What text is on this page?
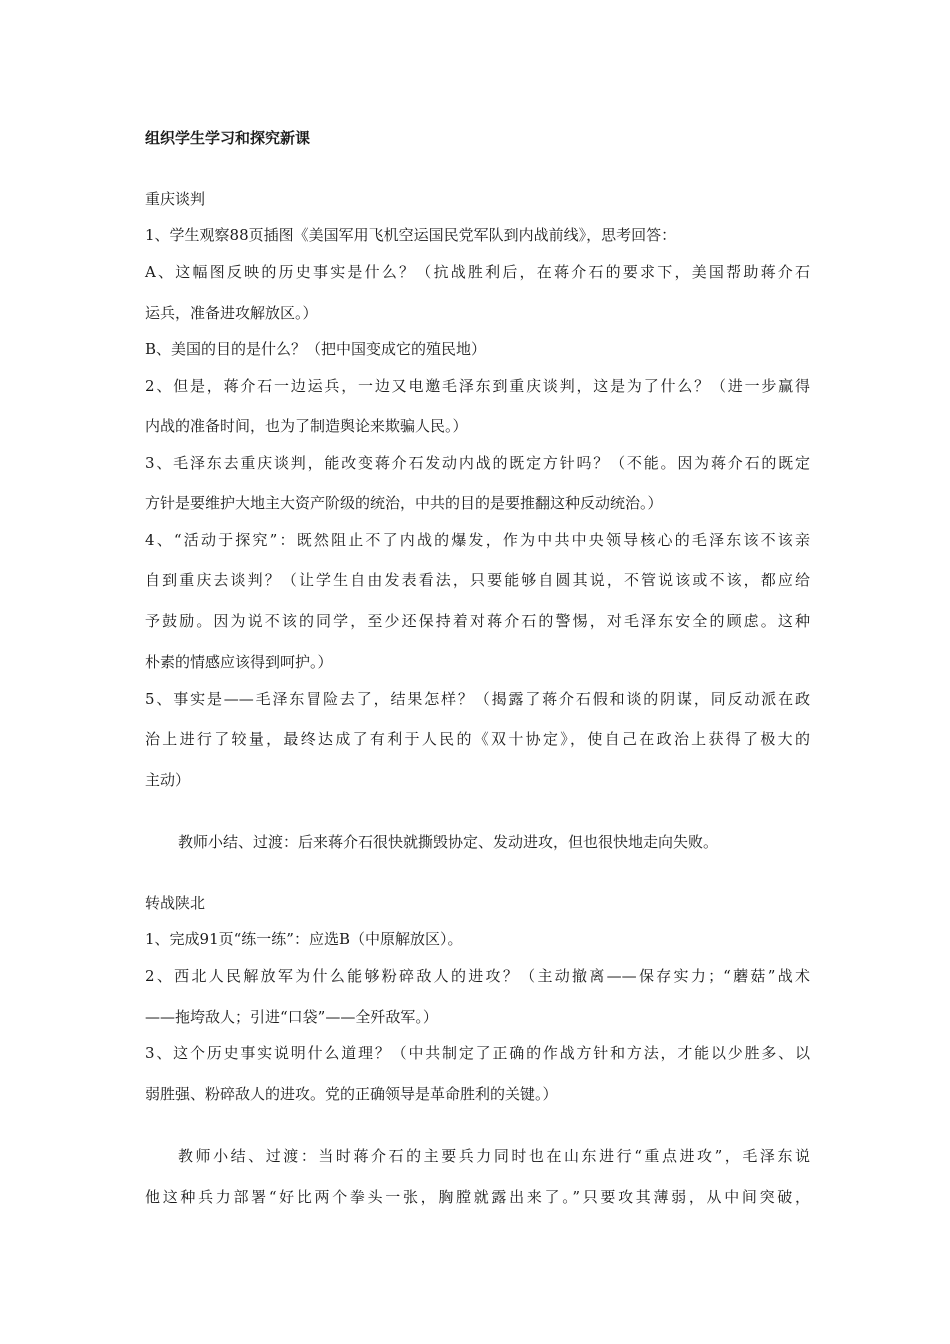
组织学生学习和探究新课
重庆谈判
1、学生观察88页插图《美国军用飞机空运国民党军队到内战前线》，思考回答：
A、这幅图反映的历史事实是什么？（抗战胜利后，在蒋介石的要求下，美国帮助蒋介石
运兵，准备进攻解放区。）
B、美国的目的是什么？（把中国变成它的殖民地）
2、但是，蒋介石一边运兵，一边又电邀毛泽东到重庆谈判，这是为了什么？（进一步赢得
内战的准备时间，也为了制造舆论来欺骗人民。）
3、毛泽东去重庆谈判，能改变蒋介石发动内战的既定方针吗？（不能。因为蒋介石的既定
方针是要维护大地主大资产阶级的统治，中共的目的是要推翻这种反动统治。）
4、“活动于探究”：既然阻止不了内战的爆发，作为中共中央领导核心的毛泽东该不该亲
自到重庆去谈判？（让学生自由发表看法，只要能够自圆其说，不管说该或不该，都应给
予鼓励。因为说不该的同学，至少还保持着对蒋介石的警惕，对毛泽东安全的顾虑。这种
朴素的情感应该得到呵护。）
5、事实是——毛泽东冒险去了，结果怎样？（揭露了蒋介石假和谈的阴谋，同反动派在政
治上进行了较量，最终达成了有利于人民的《双十协定》，使自己在政治上获得了极大的
主动）
教师小结、过渡：后来蒋介石很快就撕毁协定、发动进攻，但也很快地走向失败。
转战陕北
1、完成91页“练一练”：应选B（中原解放区）。
2、西北人民解放军为什么能够粉碎敌人的进攻？（主动撤离——保存实力；“蘑菇”战术
——拖垮敌人；引进“口袋”——全歼敌军。）
3、这个历史事实说明什么道理？（中共制定了正确的作战方针和方法，才能以少胜多、以
弱胜强、粉碎敌人的进攻。党的正确领导是革命胜利的关键。）
教师小结、过渡：当时蒋介石的主要兵力同时也在山东进行“重点进攻”，毛泽东说
他这种兵力部署“好比两个拳头一张，胸膛就露出来了。”只要攻其薄弱，从中间突破，
